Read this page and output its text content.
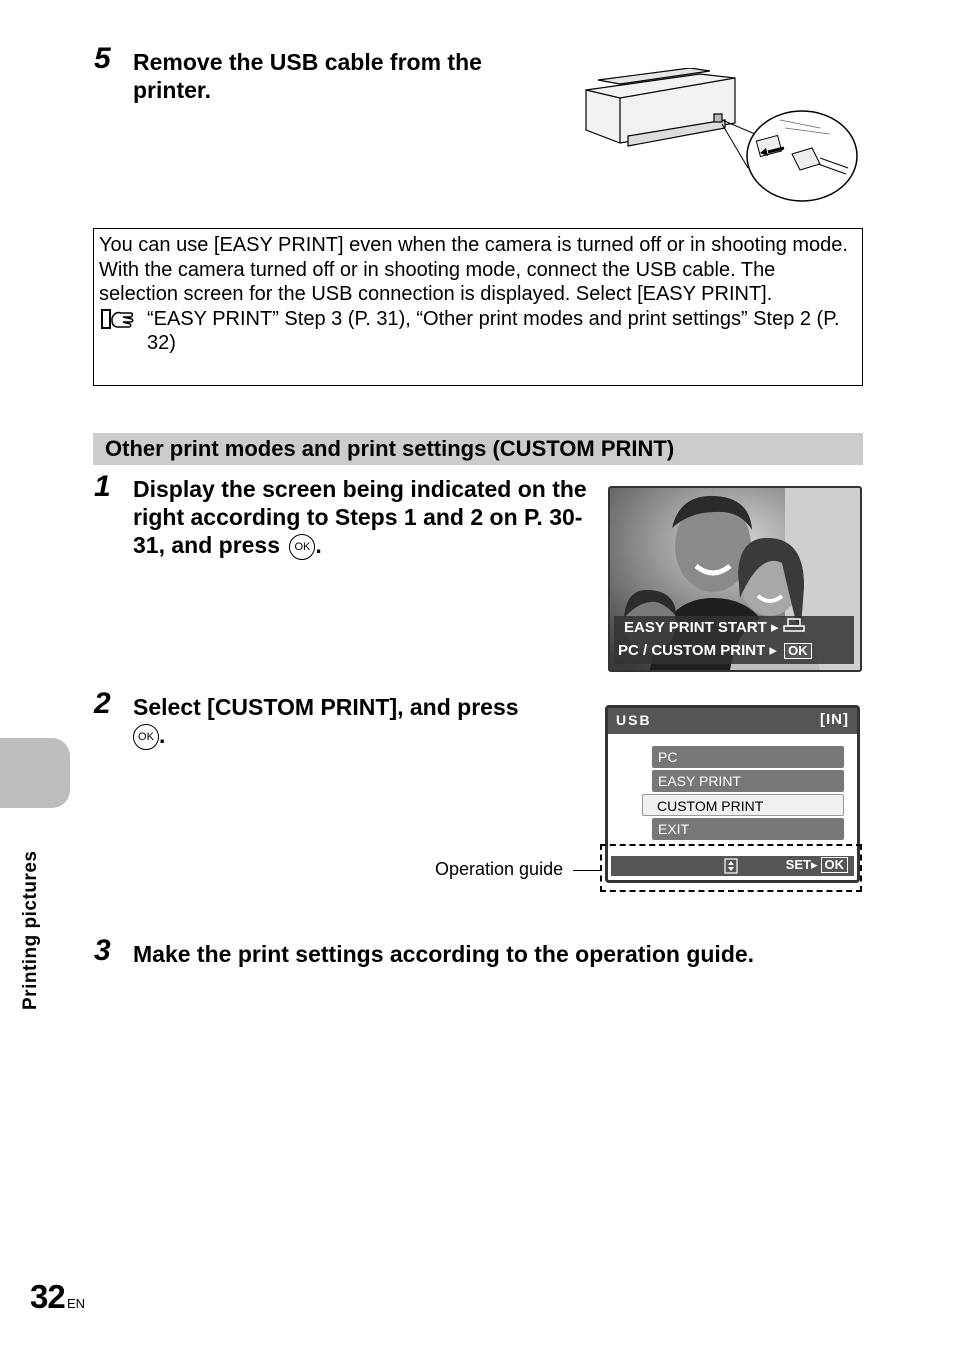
5 Remove the USB cable from the printer.

You can use [EASY PRINT] even when the camera is turned off or in shooting mode. With the camera turned off or in shooting mode, connect the USB cable. The selection screen for the USB connection is displayed. Select [EASY PRINT].

“EASY PRINT” Step 3 (P. 31), “Other print modes and print settings” Step 2 (P. 32)

Other print modes and print settings (CUSTOM PRINT)
1 Display the screen being indicated on the right according to Steps 1 and 2 on P. 30-31, and press OK .
EASY PRINT START ▸
PC / CUSTOM PRINT ▸ OK
2 Select [CUSTOM PRINT], and press
OK .
USB	[IN]
PC
EASY PRINT
CUSTOM PRINT
EXIT
SET▸ OK
Operation guide
3 Make the print settings according to the operation guide.
Printing pictures
32 EN
